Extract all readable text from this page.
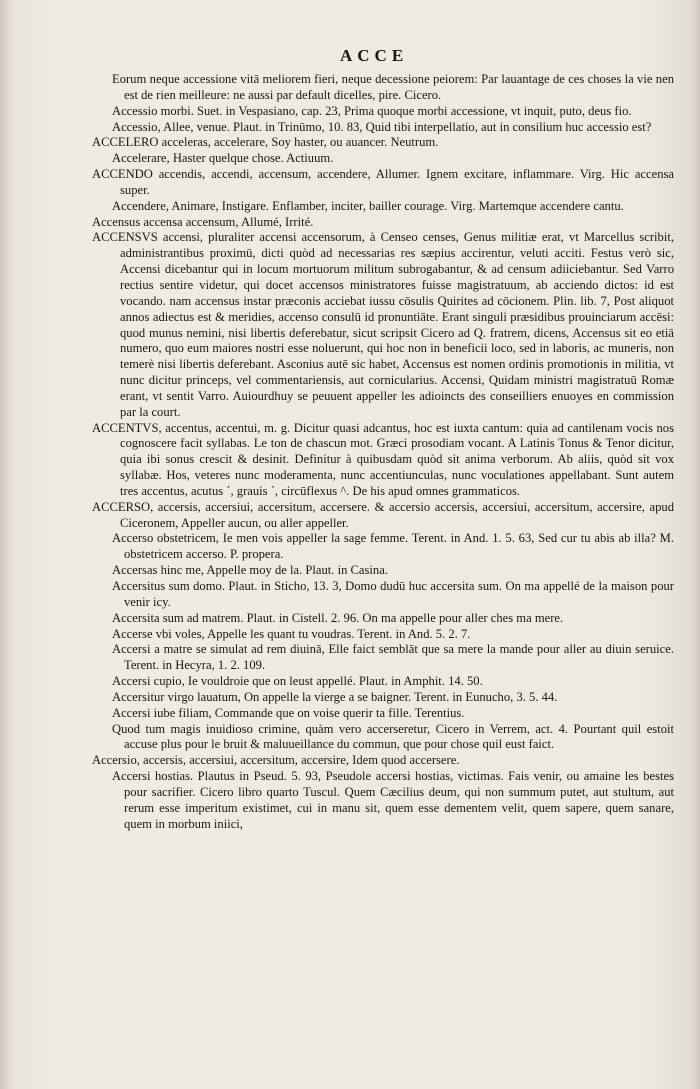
ACCE

Eorum neque accessione vitā meliorem fieri, neque decessione peiorem: Par lauantage de ces choses la vie nen est de rien meilleure: ne aussi par default dicelles, pire. Cicero.

Accessio morbi. Suet. in Vespasiano, cap. 23, Prima quoque morbi accessione, vt inquit, puto, deus fio.

Accessio, Allee, venue. Plaut. in Trinūmo, 10. 83, Quid tibi interpellatio, aut in consilium huc accessio est?

ACCELERO acceleras, accelerare, Soy haster, ou auancer. Neutrum.

Accelerare, Haster quelque chose. Actiuum.

ACCENDO accendis, accendi, accensum, accendere, Allumer. Ignem excitare, inflammare. Virg. Hic accensa super.

Accendere, Animare, Instigare. Enflamber, inciter, bailler courage. Virg. Martemque accendere cantu.

Accensus accensa accensum, Allumé, Irrité.

ACCENSVS accensi, pluraliter accensi accensorum, à Censeo censes, Genus militiæ erat, vt Marcellus scribit, administrantibus proximū, dicti quòd ad necessarias res sæpius accirentur, veluti acciti. Festus verò sic, Accensi dicebantur qui in locum mortuorum militum subrogabantur, & ad censum adiiciebantur. Sed Varro rectius sentire videtur, qui docet accensos ministratores fuisse magistratuum, ab acciendo dictos: id est vocando. nam accensus instar præconis acciebat iussu cōsulis Quirites ad cōcionem. Plin. lib. 7, Post aliquot annos adiectus est & meridies, accenso consulū id pronuntiāte. Erant singuli præsidibus prouinciarum accēsi: quod munus nemini, nisi libertis deferebatur, sicut scripsit Cicero ad Q. fratrem, dicens, Accensus sit eo etiā numero, quo eum maiores nostri esse noluerunt, qui hoc non in beneficii loco, sed in laboris, ac muneris, non temerè nisi libertis deferebant. Asconius autē sic habet, Accensus est nomen ordinis promotionis in militia, vt nunc dicitur princeps, vel commentariensis, aut cornicularius. Accensi, Quidam ministri magistratuū Romæ erant, vt sentit Varro. Auiourdhuy se peuuent appeller les adioincts des conseilliers enuoyes en commission par la court.

ACCENTVS, accentus, accentui, m. g. Dicitur quasi adcantus, hoc est iuxta cantum: quia ad cantilenam vocis nos cognoscere facit syllabas. Le ton de chascun mot. Græci prosodiam vocant. A Latinis Tonus & Tenor dicitur, quia ibi sonus crescit & desinit. Definitur à quibusdam quòd sit anima verborum. Ab aliis, quòd sit vox syllabæ. Hos, veteres nunc moderamenta, nunc accentiunculas, nunc voculationes appellabant. Sunt autem tres accentus, acutus ´, grauis `, circūflexus ^. De his apud omnes grammaticos.

ACCERSO, accersis, accersiui, accersitum, accersere. & accersio accersis, accersiui, accersitum, accersire, apud Ciceronem, Appeller aucun, ou aller appeller.

Accerso obstetricem, Ie men vois appeller la sage femme. Terent. in And. 1. 5. 63, Sed cur tu abis ab illa? M. obstetricem accerso. P. propera.

Accersas hinc me, Appelle moy de la. Plaut. in Casina.

Accersitus sum domo. Plaut. in Sticho, 13. 3, Domo dudū huc accersita sum. On ma appellé de la maison pour venir icy.

Accersita sum ad matrem. Plaut. in Cistell. 2. 96. On ma appelle pour aller ches ma mere.

Accerse vbi voles, Appelle les quant tu voudras. Terent. in And. 5. 2. 7.

Accersi a matre se simulat ad rem diuinā, Elle faict semblāt que sa mere la mande pour aller au diuin seruice. Terent. in Hecyra, 1. 2. 109.

Accersi cupio, Ie vouldroie que on leust appellé. Plaut. in Amphit. 14. 50.

Accersitur virgo lauatum, On appelle la vierge a se baigner. Terent. in Eunucho, 3. 5. 44.

Accersi iube filiam, Commande que on voise querir ta fille. Terentius.

Quod tum magis inuidioso crimine, quàm vero accerseretur, Cicero in Verrem, act. 4. Pourtant quil estoit accuse plus pour le bruit & maluueillance du commun, que pour chose quil eust faict.

Accersio, accersis, accersiui, accersitum, accersire, Idem quod accersere.

Accersi hostias. Plautus in Pseud. 5. 93, Pseudole accersi hostias, victimas. Fais venir, ou amaine les bestes pour sacrifier. Cicero libro quarto Tuscul. Quem Cæcilius deum, qui non summum putet, aut stultum, aut rerum esse imperitum existimet, cui in manu sit, quem esse dementem velit, quem sapere, quem sanare, quem in morbum iniici,
